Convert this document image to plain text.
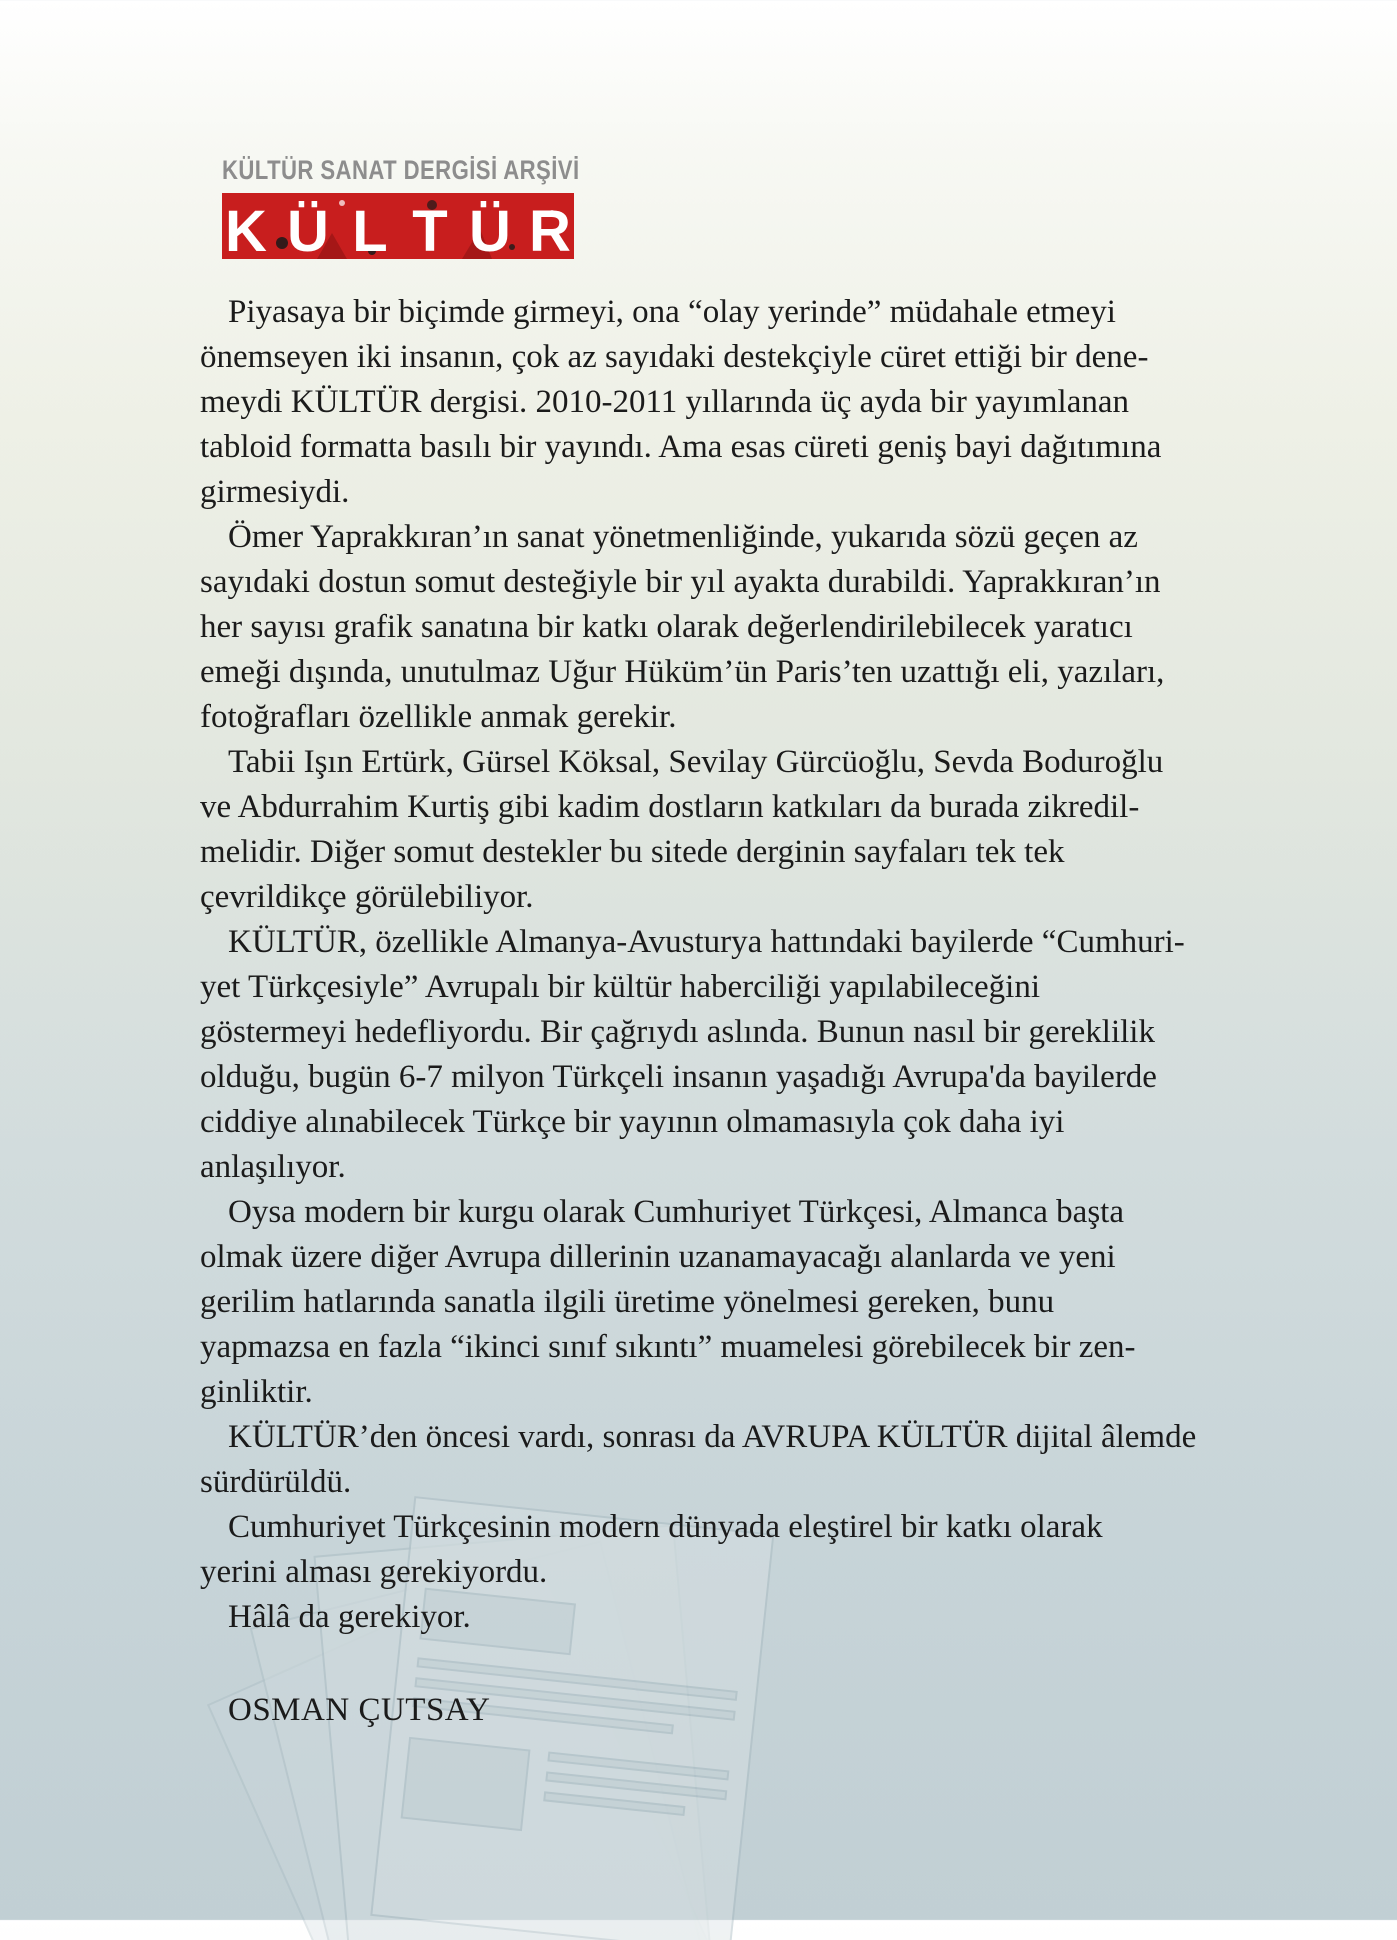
KÜLTÜR SANAT DERGİSİ ARŞİVİ
K Ü L T Ü R

Piyasaya bir biçimde girmeyi, ona “olay yerinde” müdahale etmeyi
önemseyen iki insanın, çok az sayıdaki destekçiyle cüret ettiği bir dene-
meydi KÜLTÜR dergisi. 2010-2011 yıllarında üç ayda bir yayımlanan
tabloid formatta basılı bir yayındı. Ama esas cüreti geniş bayi dağıtımına
girmesiydi.

Ömer Yaprakkıran’ın sanat yönetmenliğinde, yukarıda sözü geçen az
sayıdaki dostun somut desteğiyle bir yıl ayakta durabildi. Yaprakkıran’ın
her sayısı grafik sanatına bir katkı olarak değerlendirilebilecek yaratıcı
emeği dışında, unutulmaz Uğur Hüküm’ün Paris’ten uzattığı eli, yazıları,
fotoğrafları özellikle anmak gerekir.

Tabii Işın Ertürk, Gürsel Köksal, Sevilay Gürcüoğlu, Sevda Boduroğlu
ve Abdurrahim Kurtiş gibi kadim dostların katkıları da burada zikredil-
melidir. Diğer somut destekler bu sitede derginin sayfaları tek tek
çevrildikçe görülebiliyor.

KÜLTÜR, özellikle Almanya-Avusturya hattındaki bayilerde “Cumhuri-
yet Türkçesiyle” Avrupalı bir kültür haberciliği yapılabileceğini
göstermeyi hedefliyordu. Bir çağrıydı aslında. Bunun nasıl bir gereklilik
olduğu, bugün 6-7 milyon Türkçeli insanın yaşadığı Avrupa'da bayilerde
ciddiye alınabilecek Türkçe bir yayının olmamasıyla çok daha iyi
anlaşılıyor.

Oysa modern bir kurgu olarak Cumhuriyet Türkçesi, Almanca başta
olmak üzere diğer Avrupa dillerinin uzanamayacağı alanlarda ve yeni
gerilim hatlarında sanatla ilgili üretime yönelmesi gereken, bunu
yapmazsa en fazla “ikinci sınıf sıkıntı” muamelesi görebilecek bir zen-
ginliktir.

KÜLTÜR’den öncesi vardı, sonrası da AVRUPA KÜLTÜR dijital âlemde
sürdürüldü.

Cumhuriyet Türkçesinin modern dünyada eleştirel bir katkı olarak
yerini alması gerekiyordu.

Hâlâ da gerekiyor.

OSMAN ÇUTSAY
